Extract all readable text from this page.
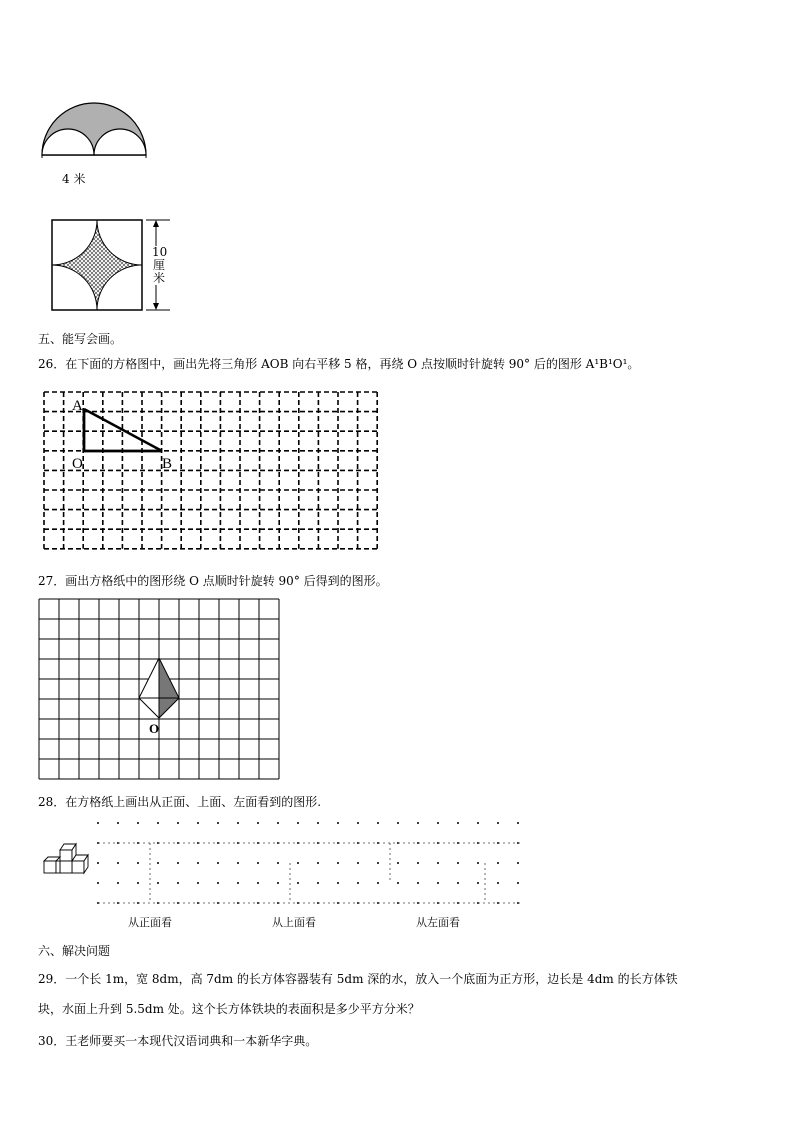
4 米
10
厘
米
五、能写会画。
26．在下面的方格图中，画出先将三角形 AOB 向右平移 5 格，再绕 O 点按顺时针旋转 90° 后的图形 A¹B¹O¹。
A
O	B
27．画出方格纸中的图形绕 O 点顺时针旋转 90° 后得到的图形。
O
28．在方格纸上画出从正面、上面、左面看到的图形.
从正面看	从上面看	从左面看
六、解决问题
29．一个长 1m，宽 8dm，高 7dm 的长方体容器装有 5dm 深的水，放入一个底面为正方形，边长是 4dm 的长方体铁
块，水面上升到 5.5dm 处。这个长方体铁块的表面积是多少平方分米？
30．王老师要买一本现代汉语词典和一本新华字典。
